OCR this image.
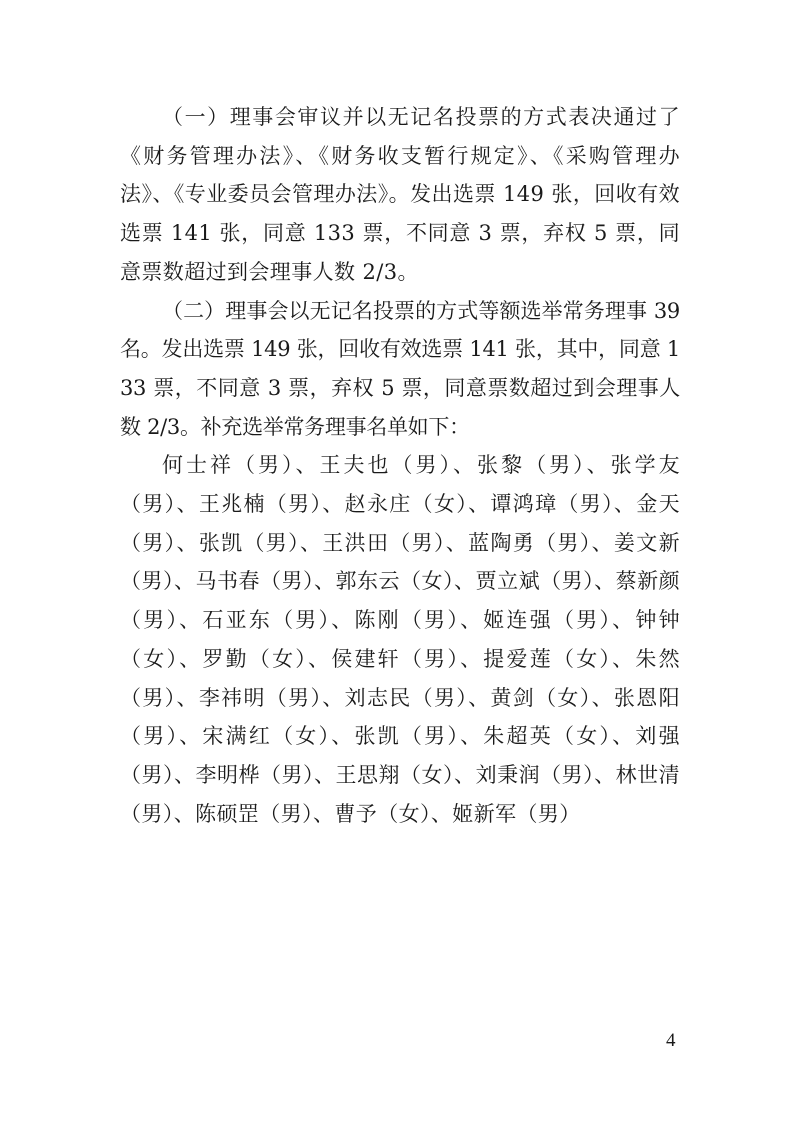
（一）理事会审议并以无记名投票的方式表决通过了《财务管理办法》、《财务收支暂行规定》、《采购管理办法》、《专业委员会管理办法》。发出选票 149 张，回收有效选票 141 张，同意 133 票，不同意 3 票，弃权 5 票，同意票数超过到会理事人数 2/3。

（二）理事会以无记名投票的方式等额选举常务理事 39 名。发出选票 149 张，回收有效选票 141 张，其中，同意 133 票，不同意 3 票，弃权 5 票，同意票数超过到会理事人数 2/3。补充选举常务理事名单如下：

何士祥（男）、王夫也（男）、张黎（男）、张学友（男）、王兆楠（男）、赵永庄（女）、谭鸿璋（男）、金天（男）、张凯（男）、王洪田（男）、蓝陶勇（男）、姜文新（男）、马书春（男）、郭东云（女）、贾立斌（男）、蔡新颜（男）、石亚东（男）、陈刚（男）、姬连强（男）、钟钟（女）、罗勤（女）、侯建轩（男）、提爱莲（女）、朱然（男）、李祎明（男）、刘志民（男）、黄剑（女）、张恩阳（男）、宋满红（女）、张凯（男）、朱超英（女）、刘强（男）、李明桦（男）、王思翔（女）、刘秉润（男）、林世清（男）、陈硕罡（男）、曹予（女）、姬新军（男）

4
